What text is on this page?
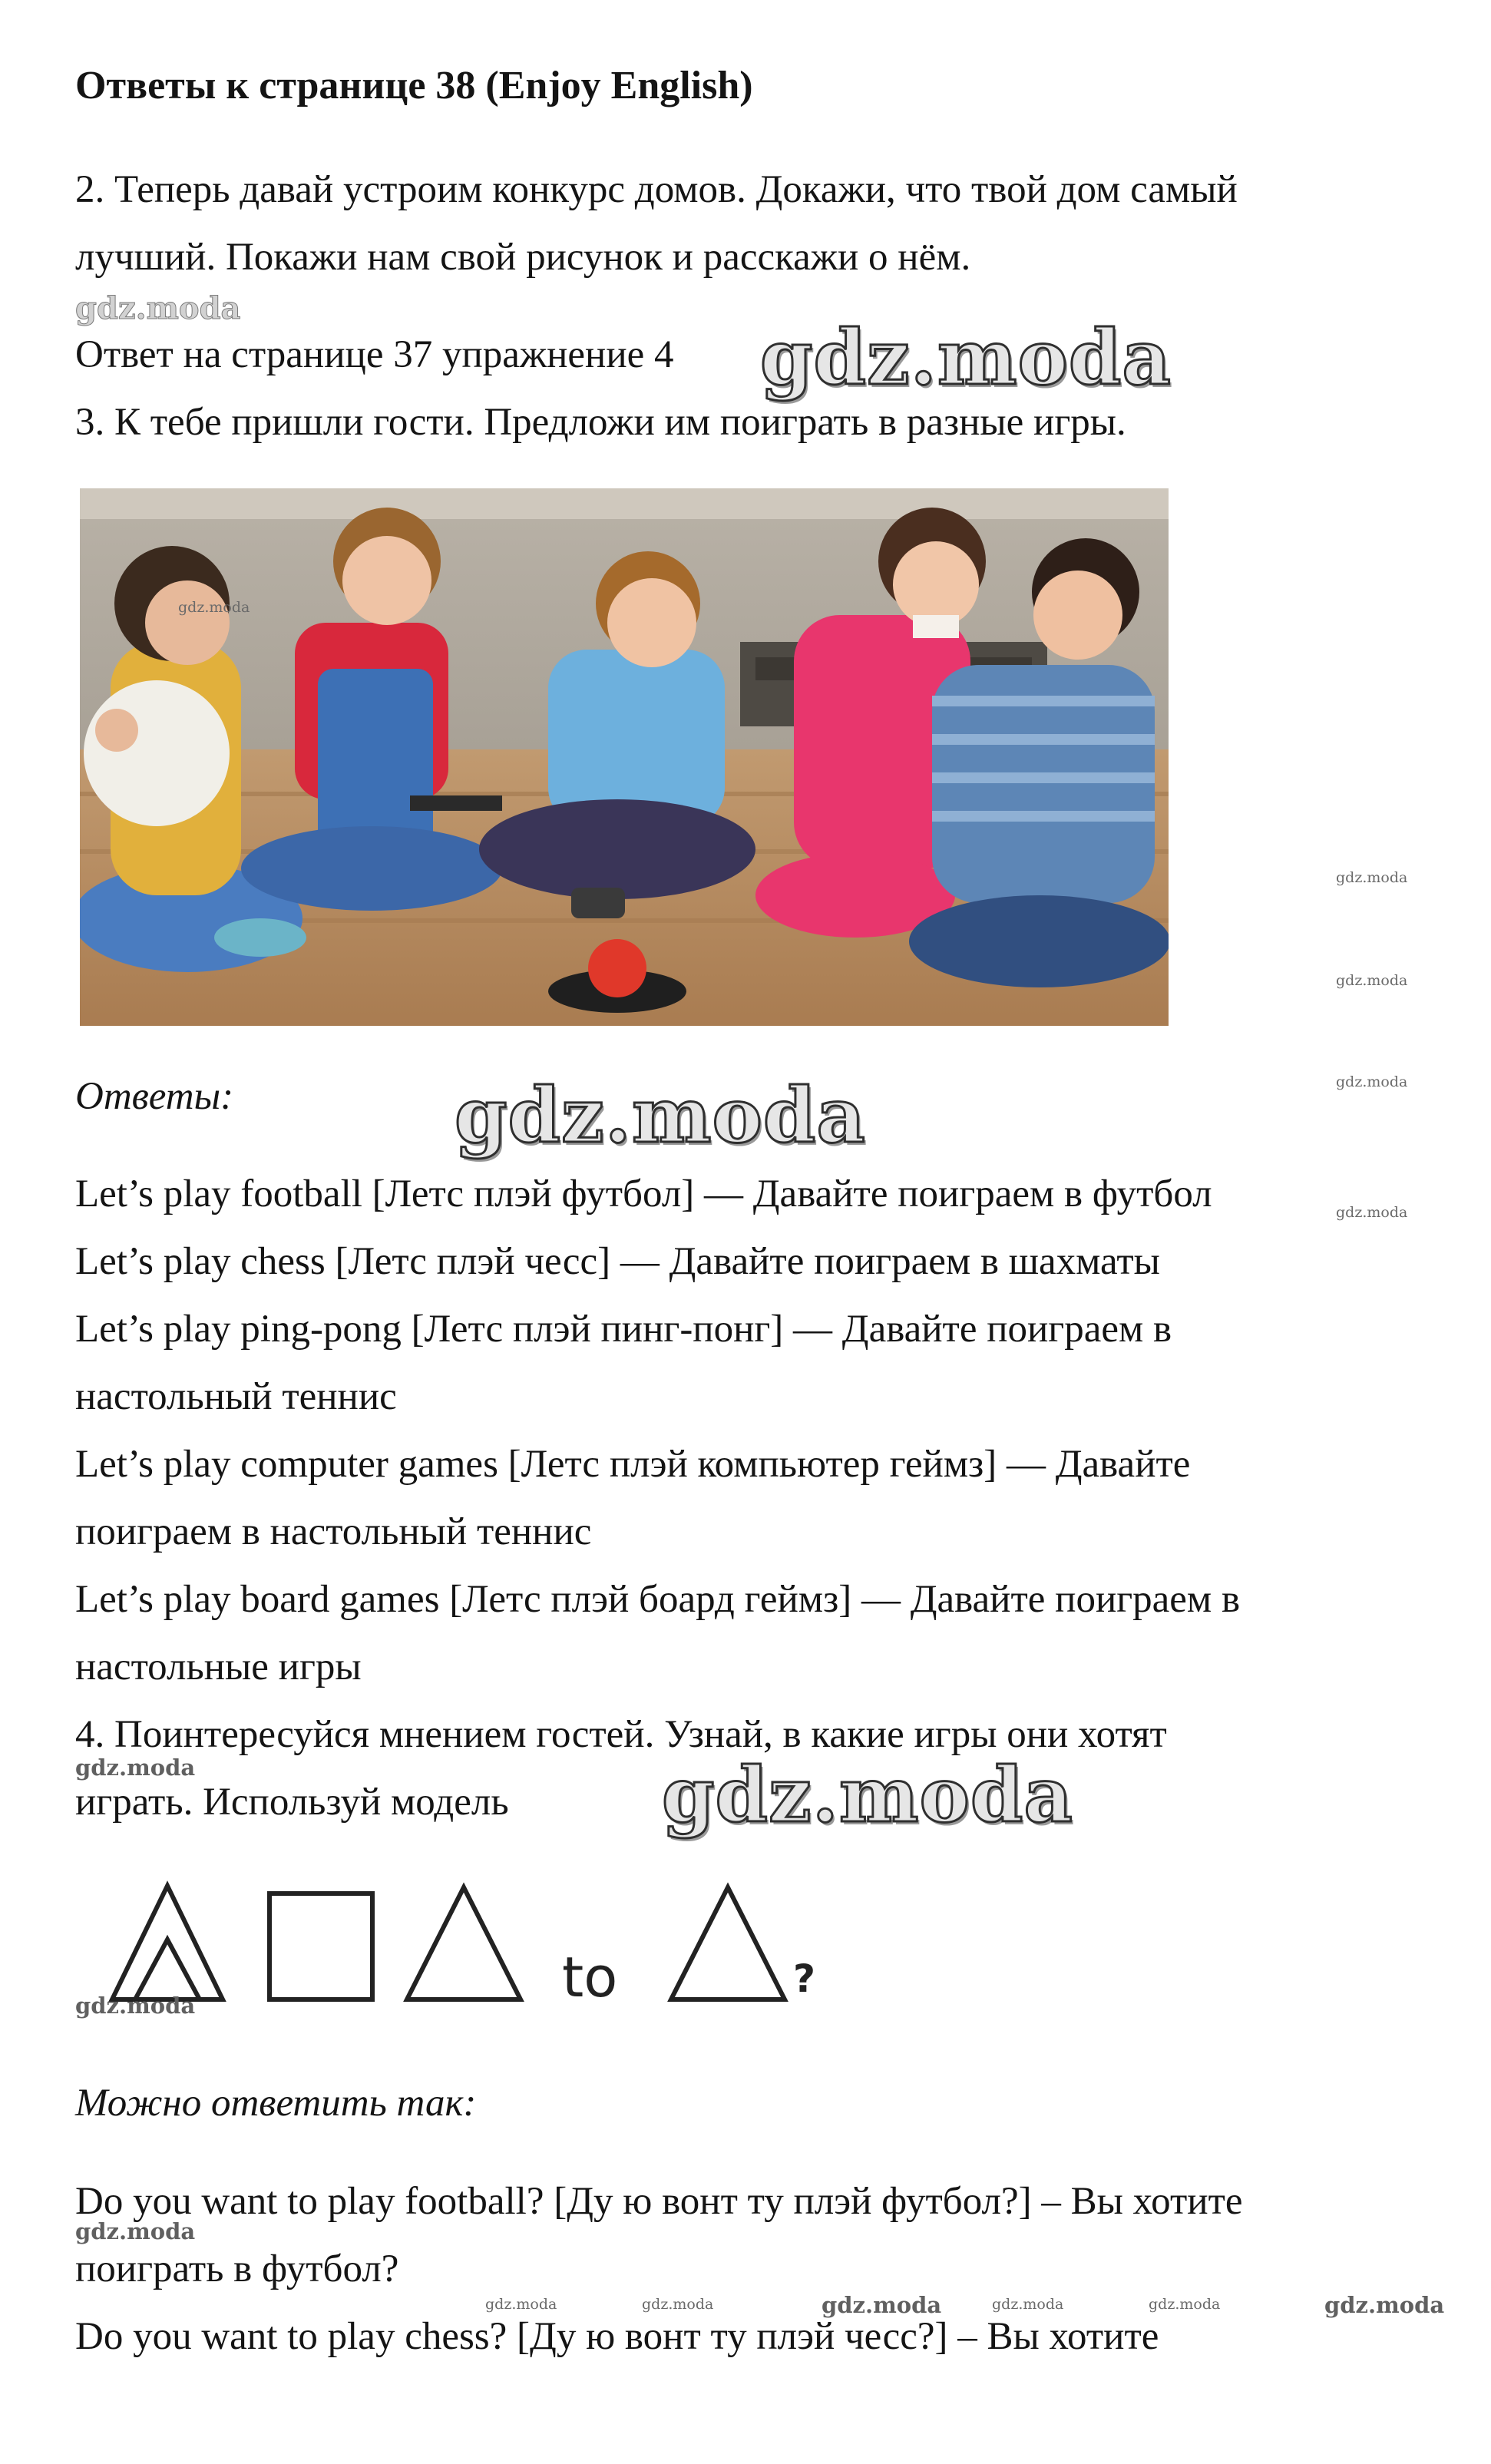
Ответы к странице 38 (Enjoy English)
2. Теперь давай устроим конкурс домов. Докажи, что твой дом самый
лучший. Покажи нам свой рисунок и расскажи о нём.
Ответ на странице 37 упражнение 4
3. К тебе пришли гости. Предложи им поиграть в разные игры.
Ответы:
Let’s play football [Летс плэй футбол] — Давайте поиграем в футбол
Let’s play chess [Летс плэй чесс] — Давайте поиграем в шахматы
Let’s play ping-pong [Летс плэй пинг-понг] — Давайте поиграем в
настольный теннис
Let’s play computer games [Летс плэй компьютер геймз] — Давайте
поиграем в настольный теннис
Let’s play board games [Летс плэй боард геймз] — Давайте поиграем в
настольные игры
4. Поинтересуйся мнением гостей. Узнай, в какие игры они хотят
играть. Используй модель
to	?
Можно ответить так:
Do you want to play football? [Ду ю вонт ту плэй футбол?] – Вы хотите
поиграть в футбол?
Do you want to play chess? [Ду ю вонт ту плэй чесс?] – Вы хотите
gdz.moda
gdz.moda
gdz.moda
gdz.moda
gdz.moda
gdz.moda
gdz.moda
gdz.moda	gdz.moda
gdz.moda
gdz.moda
gdz.moda
gdz.moda
gdz.moda
gdz.moda	gdz.moda	gdz.moda	gdz.moda
